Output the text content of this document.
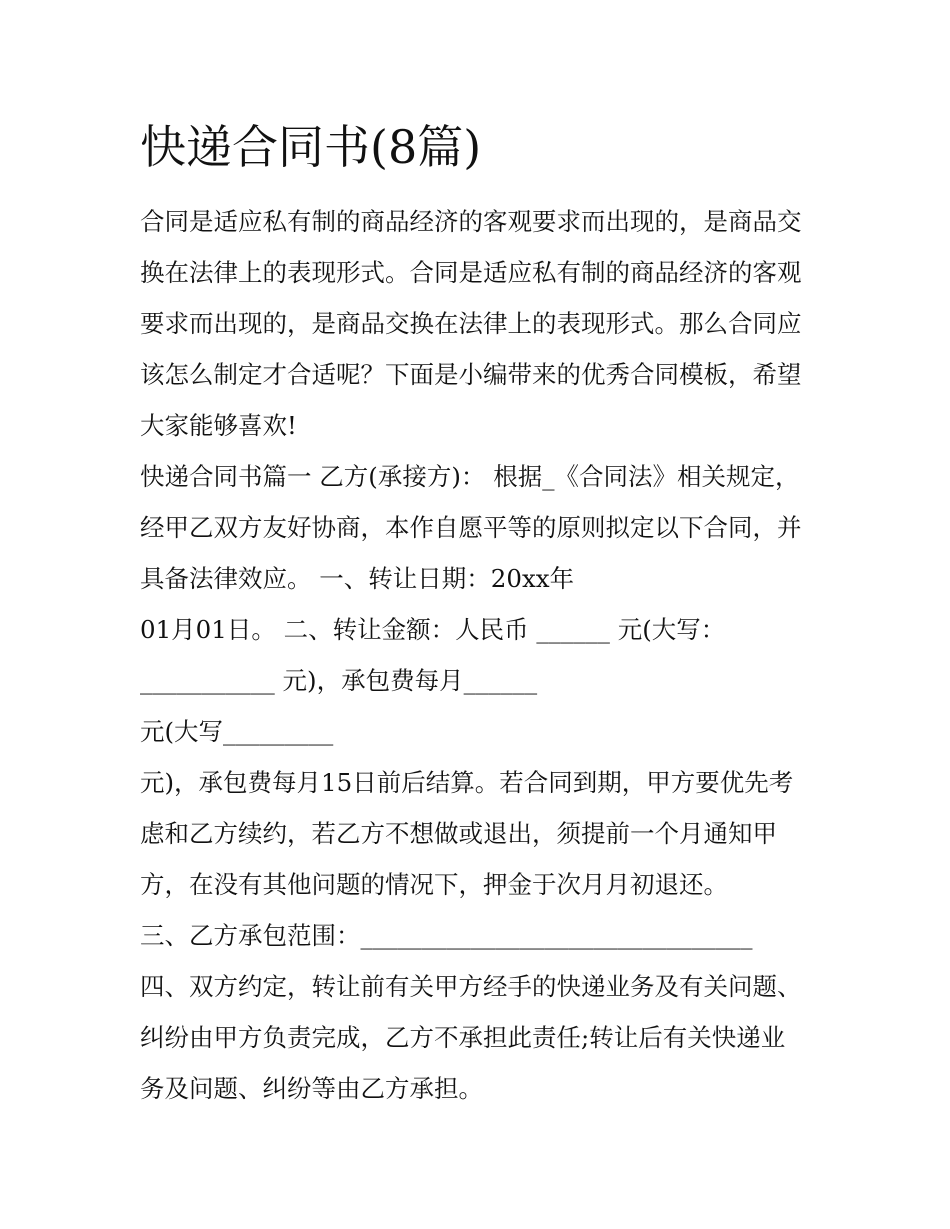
快递合同书(8篇)
合同是适应私有制的商品经济的客观要求而出现的，是商品交
换在法律上的表现形式。合同是适应私有制的商品经济的客观
要求而出现的，是商品交换在法律上的表现形式。那么合同应
该怎么制定才合适呢？下面是小编带来的优秀合同模板，希望
大家能够喜欢!
快递合同书篇一 乙方(承接方)： 根据_《合同法》相关规定，
经甲乙双方友好协商，本作自愿平等的原则拟定以下合同，并
具备法律效应。 一、转让日期：20xx年
01月01日。 二、转让金额：人民币 ______ 元(大写：
___________ 元)，承包费每月______
元(大写_________
元)，承包费每月15日前后结算。若合同到期，甲方要优先考
虑和乙方续约，若乙方不想做或退出，须提前一个月通知甲
方，在没有其他问题的情况下，押金于次月月初退还。
三、乙方承包范围：________________________________
四、双方约定，转让前有关甲方经手的快递业务及有关问题、
纠纷由甲方负责完成，乙方不承担此责任;转让后有关快递业
务及问题、纠纷等由乙方承担。
